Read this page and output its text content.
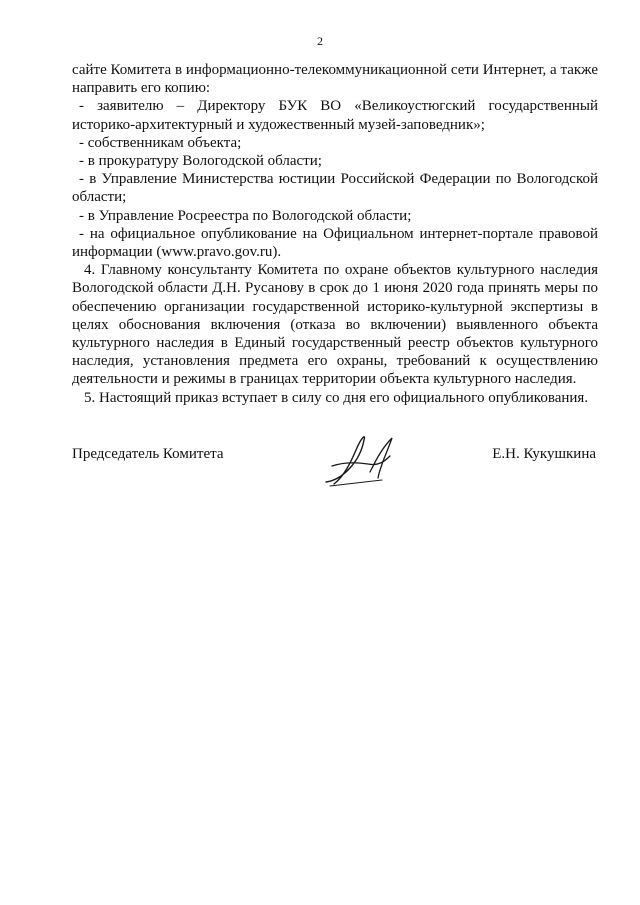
2

сайте Комитета в информационно-телекоммуникационной сети Интернет, а также направить его копию:

- заявителю – Директору БУК ВО «Великоустюгский государственный историко-архитектурный и художественный музей-заповедник»;

- собственникам объекта;

- в прокуратуру Вологодской области;

- в Управление Министерства юстиции Российской Федерации по Вологодской области;

- в Управление Росреестра по Вологодской области;

- на официальное опубликование на Официальном интернет-портале правовой информации (www.pravo.gov.ru).

4. Главному консультанту Комитета по охране объектов культурного наследия Вологодской области Д.Н. Русанову в срок до 1 июня 2020 года принять меры по обеспечению организации государственной историко-культурной экспертизы в целях обоснования включения (отказа во включении) выявленного объекта культурного наследия в Единый государственный реестр объектов культурного наследия, установления предмета его охраны, требований к осуществлению деятельности и режимы в границах территории объекта культурного наследия.

5. Настоящий приказ вступает в силу со дня его официального опубликования.

Председатель Комитета	Е.Н. Кукушкина
